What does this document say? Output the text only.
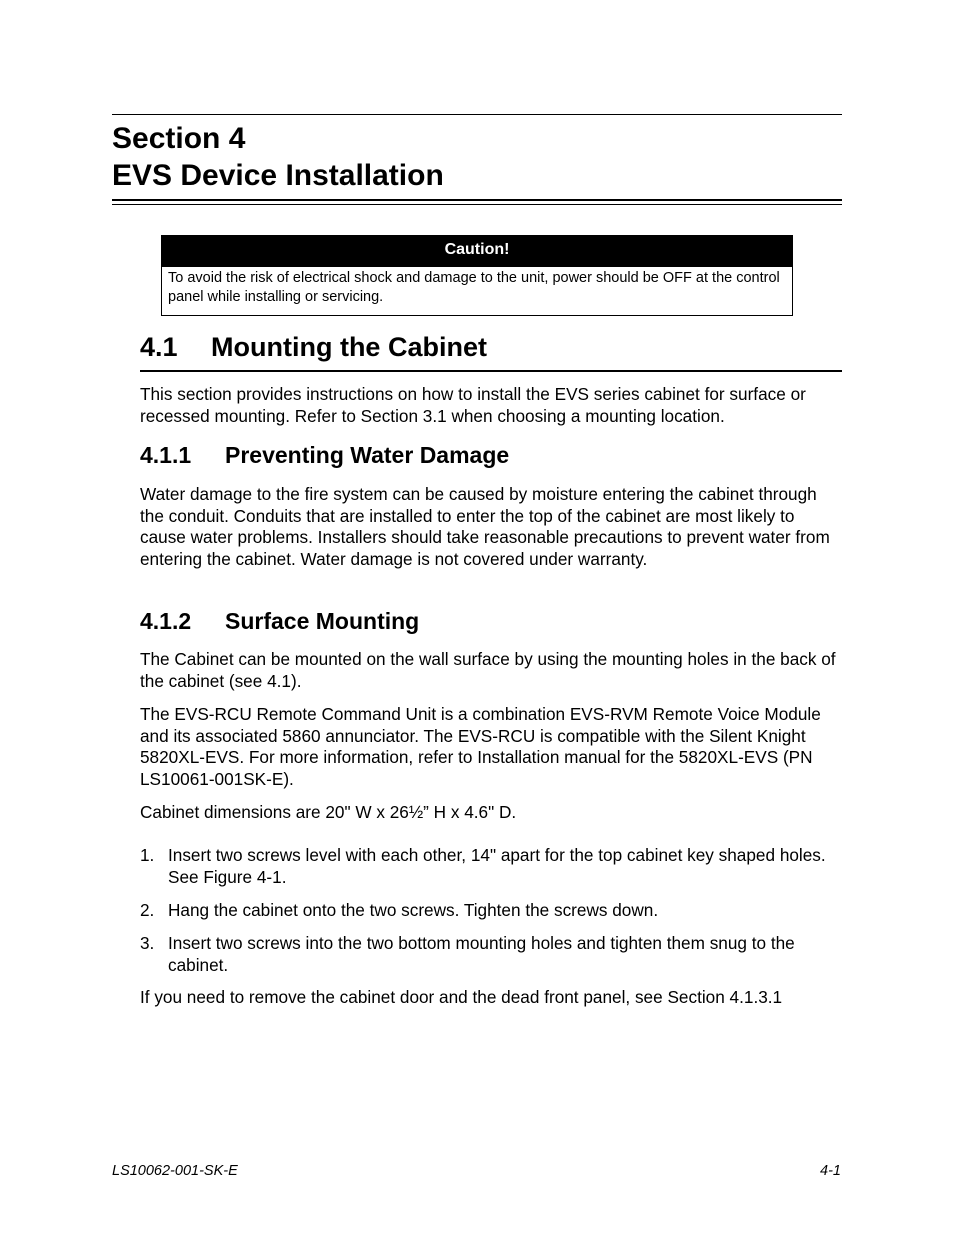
Section 4
EVS Device Installation
Caution!
To avoid the risk of electrical shock and damage to the unit, power should be OFF at the control panel while installing or servicing.
4.1 Mounting the Cabinet

This section provides instructions on how to install the EVS series cabinet for surface or recessed mounting. Refer to Section 3.1 when choosing a mounting location.

4.1.1 Preventing Water Damage

Water damage to the fire system can be caused by moisture entering the cabinet through the conduit. Conduits that are installed to enter the top of the cabinet are most likely to cause water problems. Installers should take reasonable precautions to prevent water from entering the cabinet. Water damage is not covered under warranty.

4.1.2 Surface Mounting

The Cabinet can be mounted on the wall surface by using the mounting holes in the back of the cabinet (see 4.1).

The EVS-RCU Remote Command Unit is a combination EVS-RVM Remote Voice Module and its associated 5860 annunciator. The EVS-RCU is compatible with the Silent Knight 5820XL-EVS. For more information, refer to Installation manual for the 5820XL-EVS (PN LS10061-001SK-E).

Cabinet dimensions are 20" W x 26½” H x 4.6" D.

1. Insert two screws level with each other, 14" apart for the top cabinet key shaped holes. See Figure 4-1.
2. Hang the cabinet onto the two screws. Tighten the screws down.
3. Insert two screws into the two bottom mounting holes and tighten them snug to the cabinet.

If you need to remove the cabinet door and the dead front panel, see Section 4.1.3.1

LS10062-001-SK-E	4-1
